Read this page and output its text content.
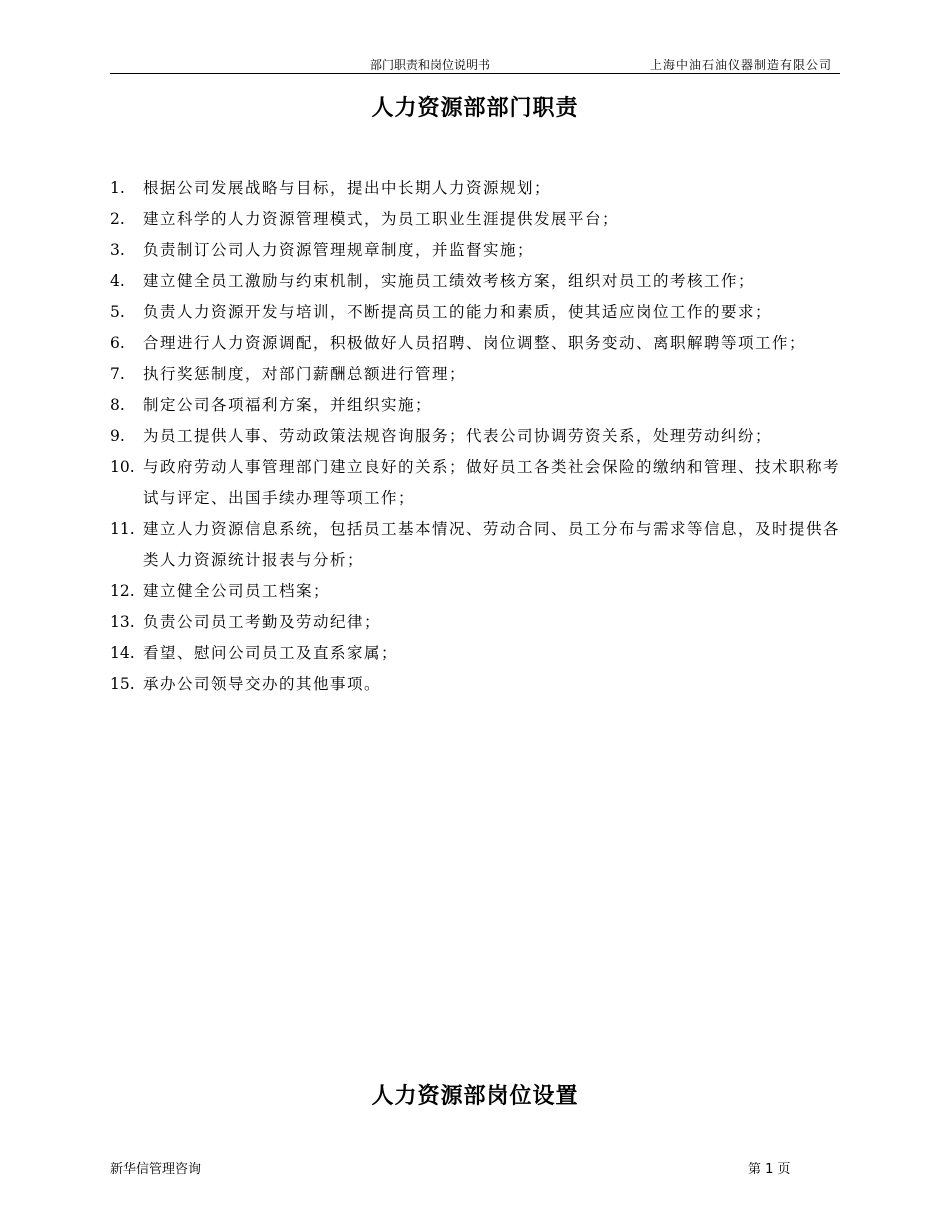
部门职责和岗位说明书	上海中油石油仪器制造有限公司
人力资源部部门职责
1.	根据公司发展战略与目标，提出中长期人力资源规划；
2.	建立科学的人力资源管理模式，为员工职业生涯提供发展平台；
3.	负责制订公司人力资源管理规章制度，并监督实施；
4.	建立健全员工激励与约束机制，实施员工绩效考核方案，组织对员工的考核工作；
5.	负责人力资源开发与培训，不断提高员工的能力和素质，使其适应岗位工作的要求；
6.	合理进行人力资源调配，积极做好人员招聘、岗位调整、职务变动、离职解聘等项工作；
7.	执行奖惩制度，对部门薪酬总额进行管理；
8.	制定公司各项福利方案，并组织实施；
9.	为员工提供人事、劳动政策法规咨询服务；代表公司协调劳资关系，处理劳动纠纷；
10. 与政府劳动人事管理部门建立良好的关系；做好员工各类社会保险的缴纳和管理、技术职称考试与评定、出国手续办理等项工作；
11. 建立人力资源信息系统，包括员工基本情况、劳动合同、员工分布与需求等信息，及时提供各类人力资源统计报表与分析；
12. 建立健全公司员工档案；
13. 负责公司员工考勤及劳动纪律；
14. 看望、慰问公司员工及直系家属；
15. 承办公司领导交办的其他事项。
人力资源部岗位设置
新华信管理咨询	第 1 页
